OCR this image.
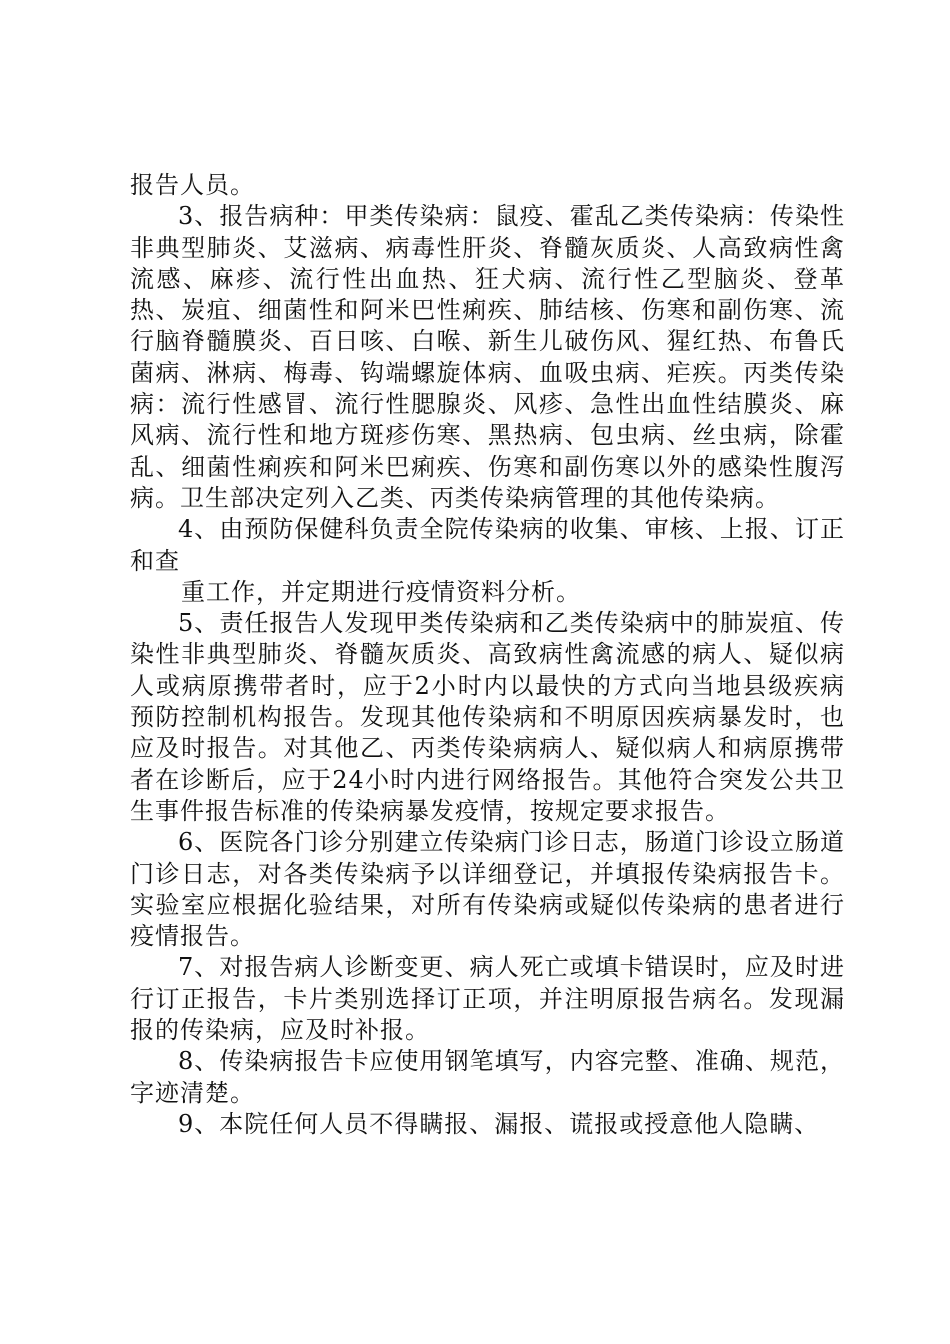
报告人员。

3、报告病种：甲类传染病：鼠疫、霍乱乙类传染病：传染性非典型肺炎、艾滋病、病毒性肝炎、脊髓灰质炎、人高致病性禽流感、麻疹、流行性出血热、狂犬病、流行性乙型脑炎、登革热、炭疽、细菌性和阿米巴性痢疾、肺结核、伤寒和副伤寒、流行脑脊髓膜炎、百日咳、白喉、新生儿破伤风、猩红热、布鲁氏菌病、淋病、梅毒、钩端螺旋体病、血吸虫病、疟疾。丙类传染病：流行性感冒、流行性腮腺炎、风疹、急性出血性结膜炎、麻风病、流行性和地方斑疹伤寒、黑热病、包虫病、丝虫病，除霍乱、细菌性痢疾和阿米巴痢疾、伤寒和副伤寒以外的感染性腹泻病。卫生部决定列入乙类、丙类传染病管理的其他传染病。

4、由预防保健科负责全院传染病的收集、审核、上报、订正和查

重工作，并定期进行疫情资料分析。

5、责任报告人发现甲类传染病和乙类传染病中的肺炭疽、传染性非典型肺炎、脊髓灰质炎、高致病性禽流感的病人、疑似病人或病原携带者时，应于2小时内以最快的方式向当地县级疾病预防控制机构报告。发现其他传染病和不明原因疾病暴发时，也应及时报告。对其他乙、丙类传染病病人、疑似病人和病原携带者在诊断后，应于24小时内进行网络报告。其他符合突发公共卫生事件报告标准的传染病暴发疫情，按规定要求报告。

6、医院各门诊分别建立传染病门诊日志，肠道门诊设立肠道门诊日志，对各类传染病予以详细登记，并填报传染病报告卡。实验室应根据化验结果，对所有传染病或疑似传染病的患者进行疫情报告。

7、对报告病人诊断变更、病人死亡或填卡错误时，应及时进行订正报告，卡片类别选择订正项，并注明原报告病名。发现漏报的传染病，应及时补报。

8、传染病报告卡应使用钢笔填写，内容完整、准确、规范，字迹清楚。

9、本院任何人员不得瞒报、漏报、谎报或授意他人隐瞒、
